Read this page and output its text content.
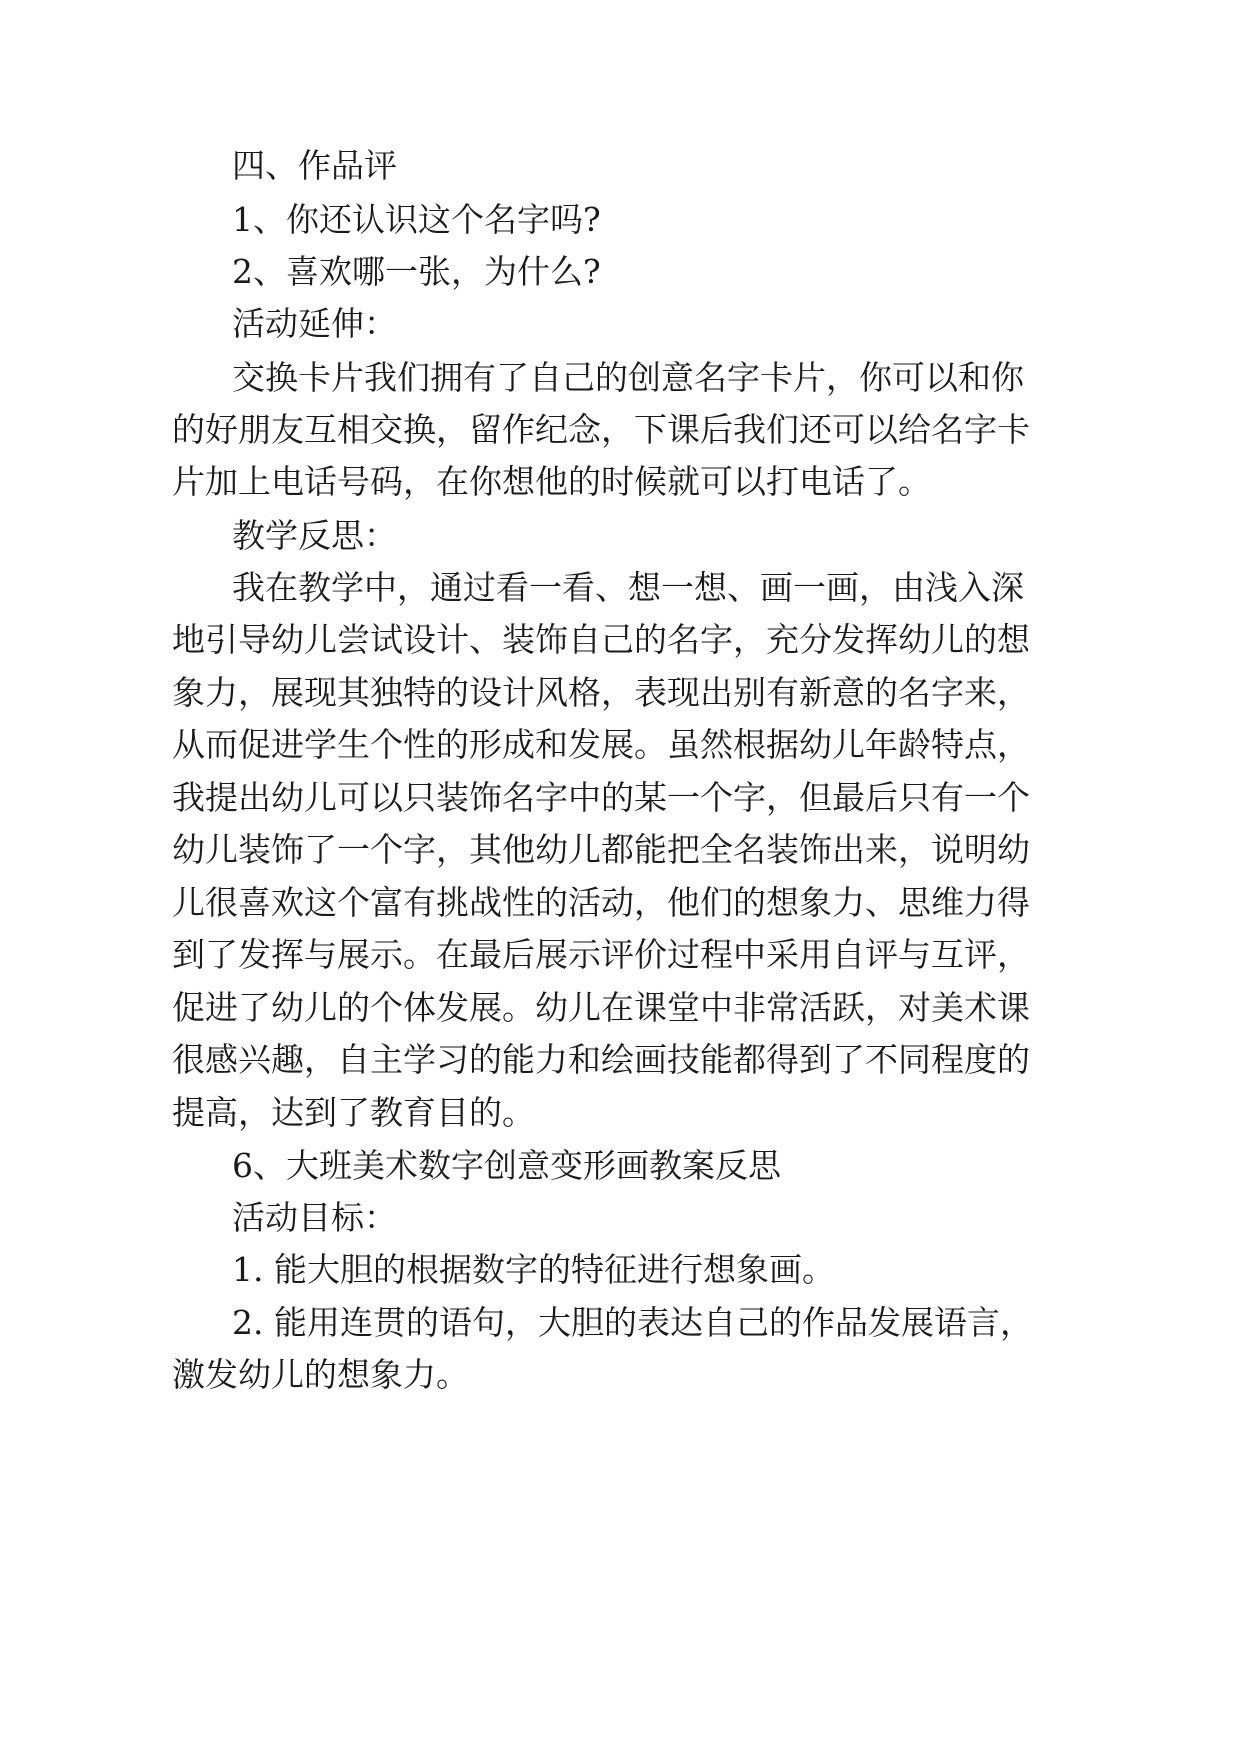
四、作品评
1、你还认识这个名字吗?
2、喜欢哪一张，为什么?
活动延伸：
交换卡片我们拥有了自己的创意名字卡片，你可以和你
的好朋友互相交换，留作纪念，下课后我们还可以给名字卡
片加上电话号码，在你想他的时候就可以打电话了。
教学反思：
我在教学中，通过看一看、想一想、画一画，由浅入深
地引导幼儿尝试设计、装饰自己的名字，充分发挥幼儿的想
象力，展现其独特的设计风格，表现出别有新意的名字来，
从而促进学生个性的形成和发展。虽然根据幼儿年龄特点，
我提出幼儿可以只装饰名字中的某一个字，但最后只有一个
幼儿装饰了一个字，其他幼儿都能把全名装饰出来，说明幼
儿很喜欢这个富有挑战性的活动，他们的想象力、思维力得
到了发挥与展示。在最后展示评价过程中采用自评与互评，
促进了幼儿的个体发展。幼儿在课堂中非常活跃，对美术课
很感兴趣，自主学习的能力和绘画技能都得到了不同程度的
提高，达到了教育目的。
6、大班美术数字创意变形画教案反思
活动目标：
1. 能大胆的根据数字的特征进行想象画。
2. 能用连贯的语句，大胆的表达自己的作品发展语言，
激发幼儿的想象力。
